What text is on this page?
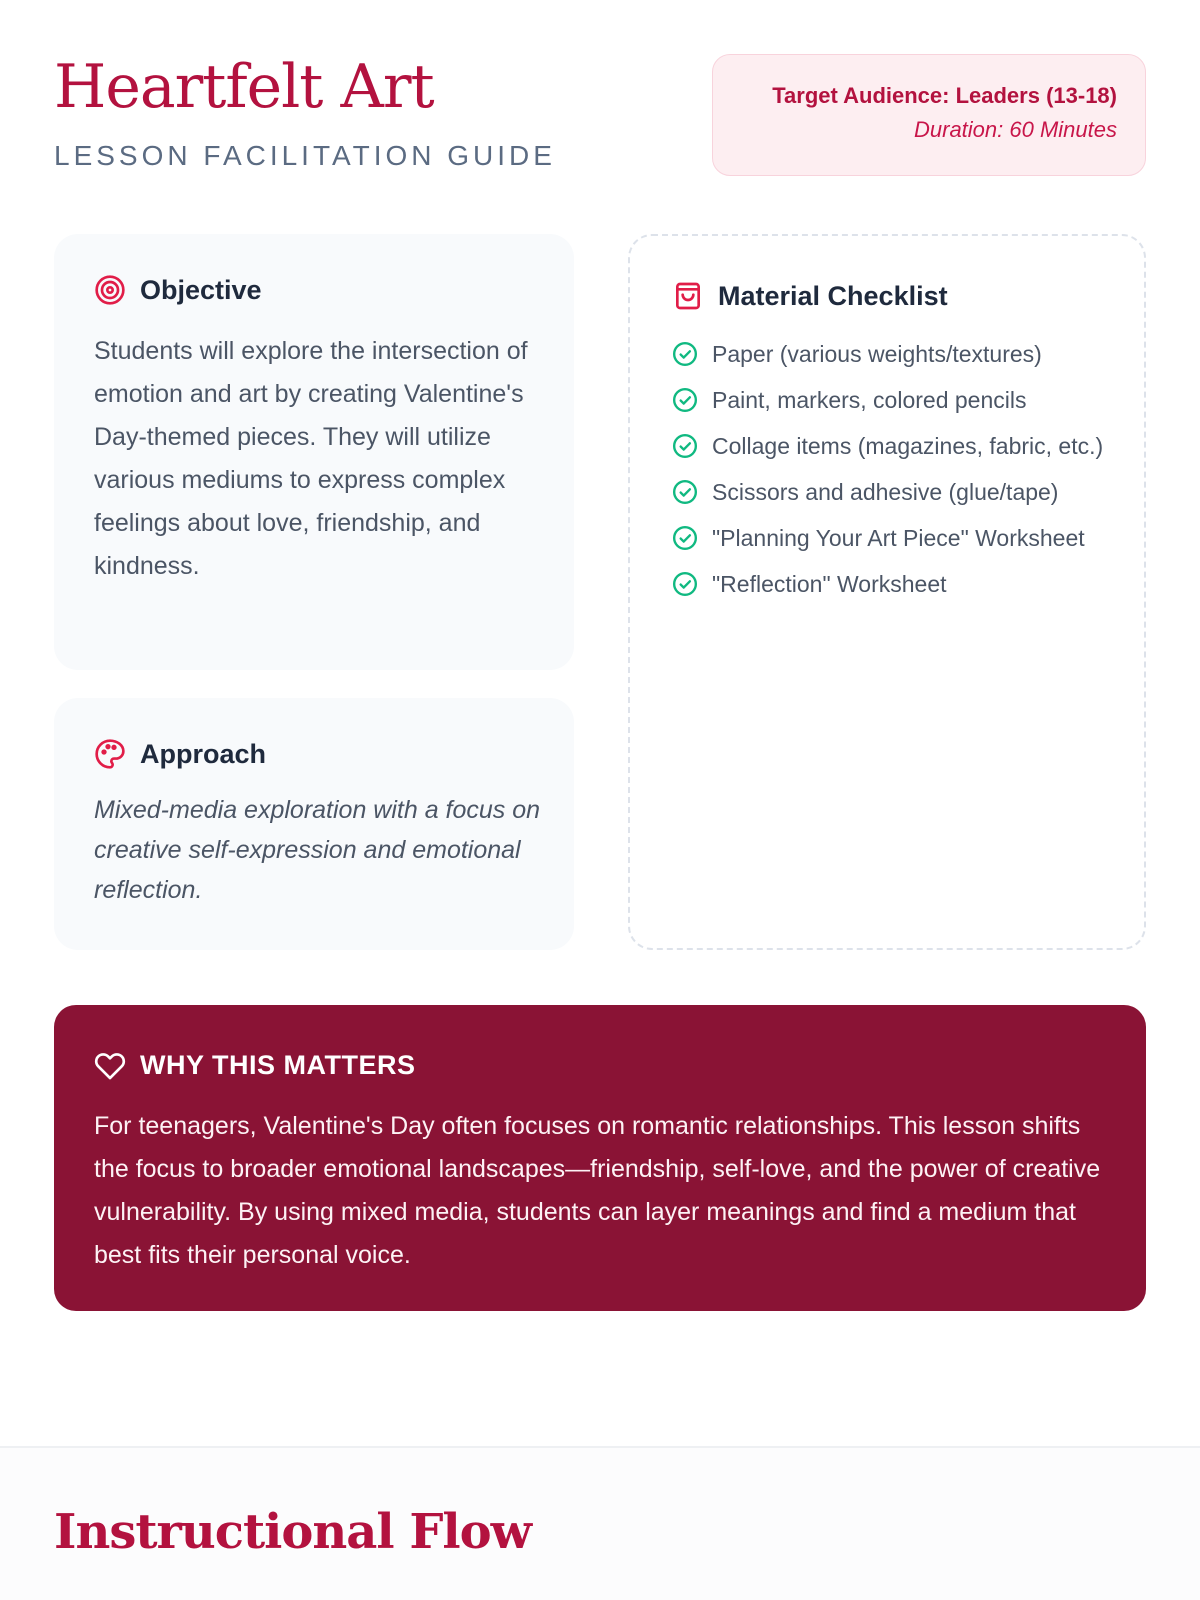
Heartfelt Art
LESSON FACILITATION GUIDE
Target Audience: Leaders (13-18)
Duration: 60 Minutes
Objective

Students will explore the intersection of emotion and art by creating Valentine's Day-themed pieces. They will utilize various mediums to express complex feelings about love, friendship, and kindness.

Approach

Mixed-media exploration with a focus on creative self-expression and emotional reflection.

Material Checklist
Paper (various weights/textures)
Paint, markers, colored pencils
Collage items (magazines, fabric, etc.)
Scissors and adhesive (glue/tape)
"Planning Your Art Piece" Worksheet
"Reflection" Worksheet
WHY THIS MATTERS

For teenagers, Valentine's Day often focuses on romantic relationships. This lesson shifts the focus to broader emotional landscapes—friendship, self-love, and the power of creative vulnerability. By using mixed media, students can layer meanings and find a medium that best fits their personal voice.

Instructional Flow
